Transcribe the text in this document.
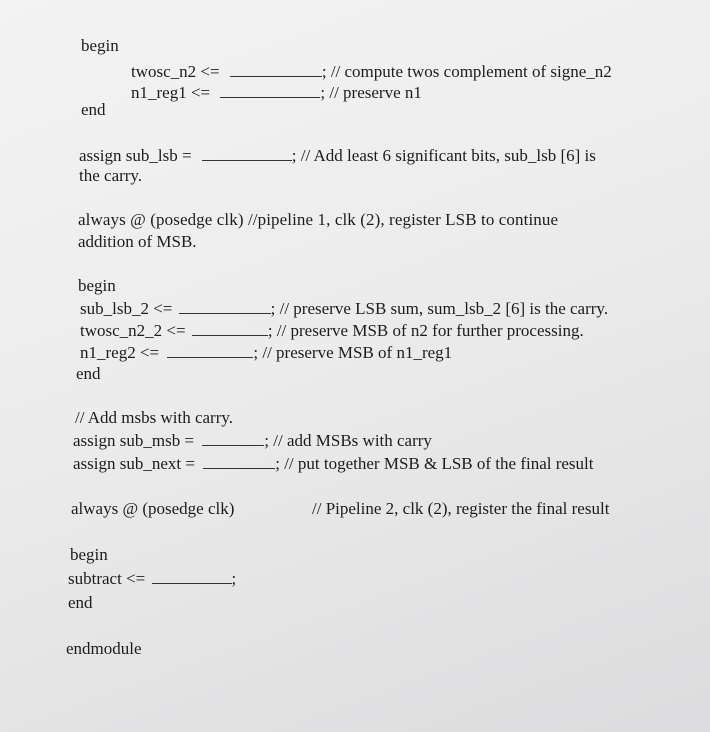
begin
twosc_n2 <=	; // compute twos complement of signe_n2
n1_reg1 <=	; // preserve n1
end
assign sub_lsb =	; // Add least 6 significant bits, sub_lsb [6] is
the carry.
always @ (posedge clk) //pipeline 1, clk (2), register LSB to continue
addition of MSB.
begin
sub_lsb_2 <=	; // preserve LSB sum, sum_lsb_2 [6] is the carry.
twosc_n2_2 <=	; // preserve MSB of n2 for further processing.
n1_reg2 <=	; // preserve MSB of n1_reg1
end
// Add msbs with carry.
assign sub_msb =	; // add MSBs with carry
assign sub_next =	; // put together MSB & LSB of the final result
always @ (posedge clk)	// Pipeline 2, clk (2), register the final result
begin
subtract <=	;
end
endmodule
